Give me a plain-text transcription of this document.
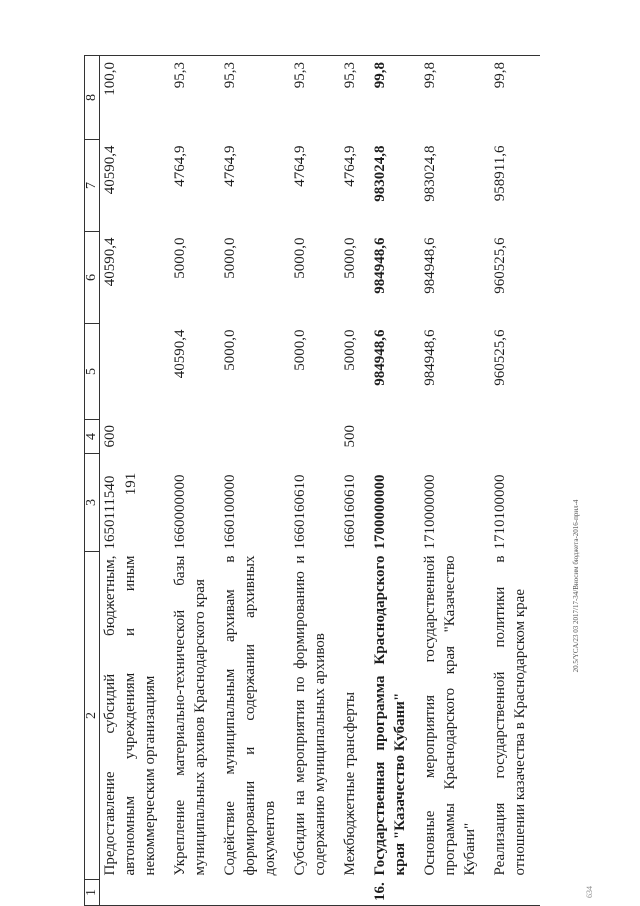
191
20.5/YCA/23 03 2017/17-34/Вносим бюджета-2016-прил-4
634
1	2	3	4	5	6	7	8
	Предоставление субсидий бюджетным, автономным учреждениям и иным некоммерческим организациям	1650111540	600		40590,4	40590,4	100,0
	Укрепление материально-технической базы муниципальных архивов Краснодарского края	1660000000		40590,4	5000,0	4764,9	95,3
	Содействие муниципальным архивам в формировании и содержании архивных документов	1660100000		5000,0	5000,0	4764,9	95,3
	Субсидии на мероприятия по формированию и содержанию муниципальных архивов	1660160610		5000,0	5000,0	4764,9	95,3
	Межбюджетные трансферты	1660160610	500	5000,0	5000,0	4764,9	95,3
16.	Государственная программа Краснодарского края "Казачество Кубани"	1700000000		984948,6	984948,6	983024,8	99,8
	Основные мероприятия государственной программы Краснодарского края "Казачество Кубани"	1710000000		984948,6	984948,6	983024,8	99,8
	Реализация государственной политики в отношении казачества в Краснодарском крае	1710100000		960525,6	960525,6	958911,6	99,8
